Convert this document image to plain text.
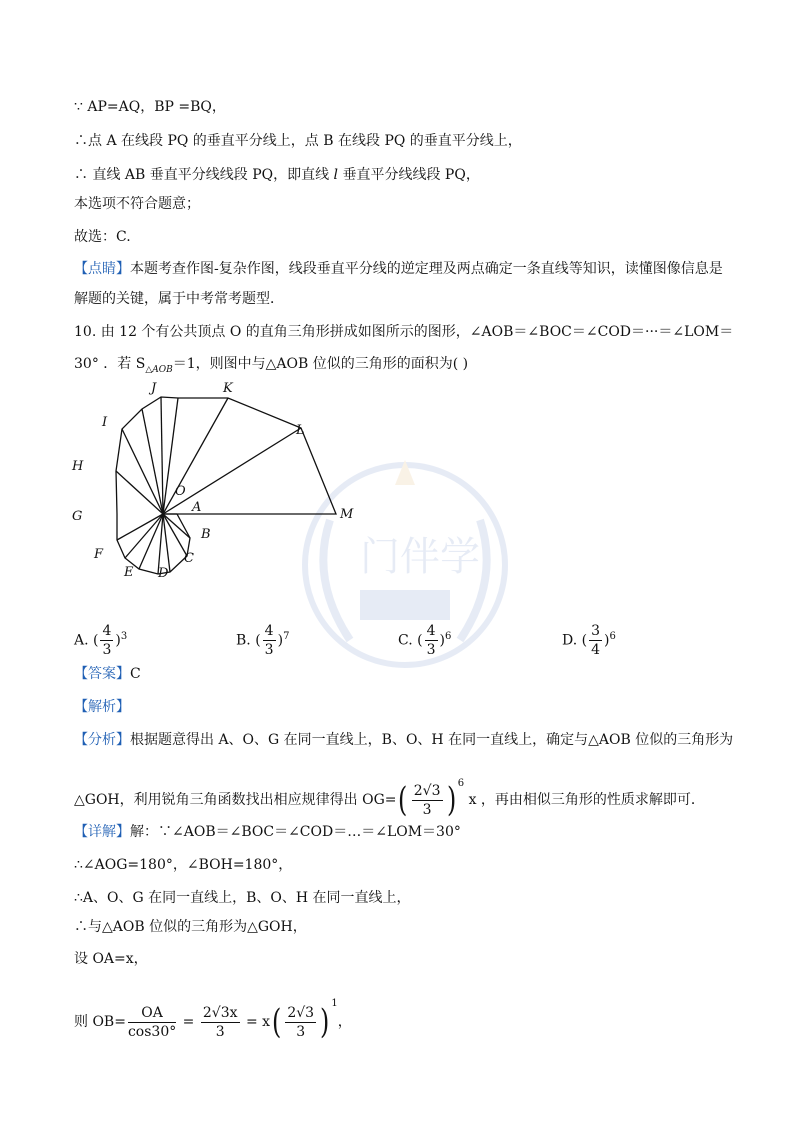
门伴学
∵ AP=AQ，BP =BQ，
∴点 A 在线段 PQ 的垂直平分线上，点 B 在线段 PQ 的垂直平分线上，
∴ 直线 AB 垂直平分线线段 PQ，即直线 l 垂直平分线线段 PQ，
本选项不符合题意；
故选：C.
【点睛】本题考查作图-复杂作图，线段垂直平分线的逆定理及两点确定一条直线等知识，读懂图像信息是
解题的关键，属于中考常考题型．
10. 由 12 个有公共顶点 O 的直角三角形拼成如图所示的图形，∠AOB＝∠BOC＝∠COD＝···＝∠LOM＝
30° ．若 $S_{\triangle AOB}=1$，则图中与△AOB 位似的三角形的面积为( )
O
A
B
C
D
E
F
G
H
I
J	K
L
M
A. ( $\frac{4}{3} )^3$	B. ( $\frac{4}{3} )^7$	C. ( $\frac{4}{3} )^6$	D. ( $\frac{3}{4} )^6$
【答案】C
【解析】
【分析】根据题意得出 A、O、G 在同一直线上，B、O、H 在同一直线上，确定与△AOB 位似的三角形为
△GOH，利用锐角三角函数找出相应规律得出 $OG=( \frac{2√3}{3}$ ) $^6$ x ，再由相似三角形的性质求解即可．
【详解】解：∵∠AOB＝∠BOC＝∠COD＝…＝∠LOM＝30°
∴∠AOG=180°，∠BOH=180°，
∴A、O、G 在同一直线上，B、O、H 在同一直线上，
∴与△AOB 位似的三角形为△GOH，
设 OA=x，
则 $OB= \frac{OA}{\cos 30^\circ} = \frac{2√3x}{3} = x( \frac{2√3}{3}$ ) $^1$，
